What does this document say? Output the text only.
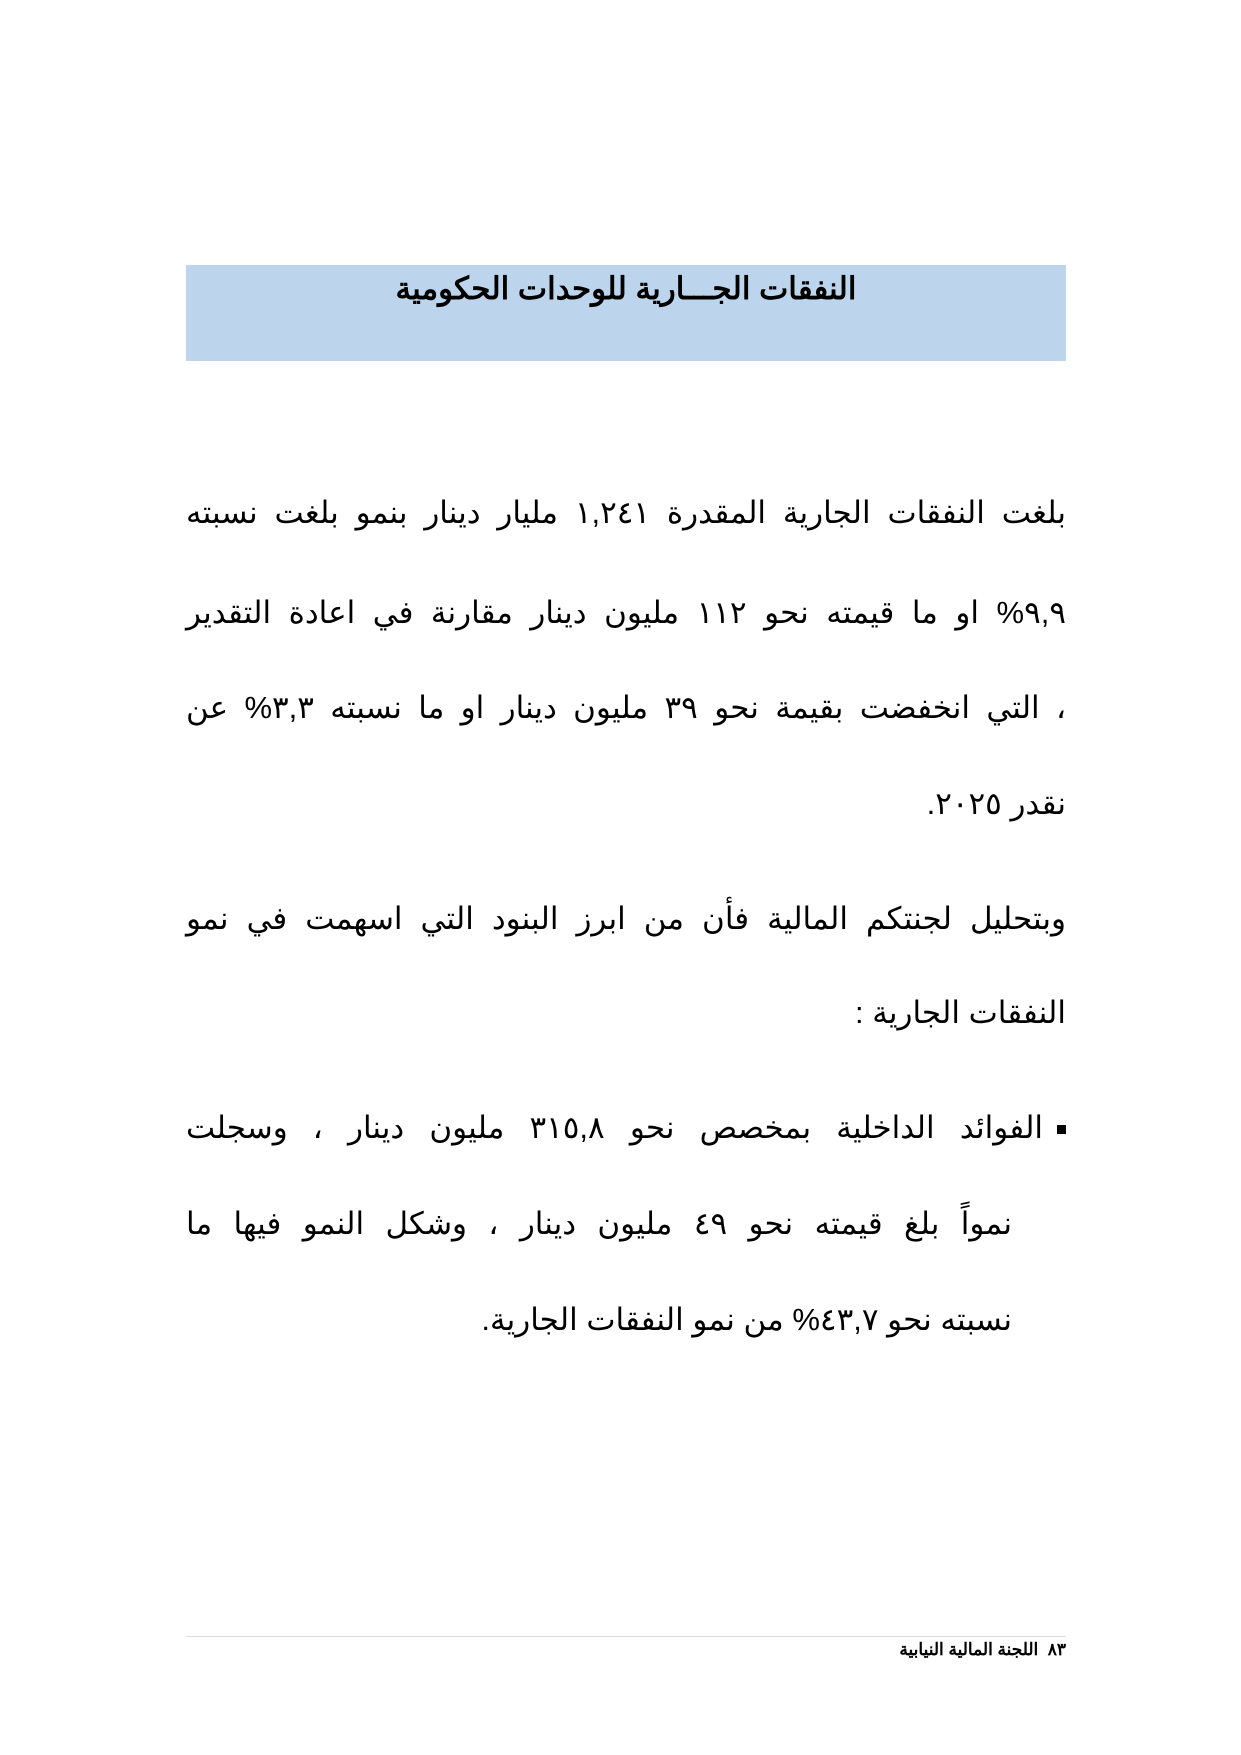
النفقات الجـــارية للوحدات الحكومية
بلغت النفقات الجارية المقدرة ١,٢٤١ مليار دينار بنمو بلغت نسبته
٩,٩% او ما قيمته نحو ١١٢ مليون دينار مقارنة في اعادة التقدير
، التي انخفضت بقيمة نحو ٣٩ مليون دينار او ما نسبته ٣,٣% عن
نقدر ٢٠٢٥.
وبتحليل لجنتكم المالية فأن من ابرز البنود التي اسهمت في نمو
النفقات الجارية :
الفوائد الداخلية بمخصص نحو ٣١٥,٨ مليون دينار ، وسجلت
نمواً بلغ قيمته نحو ٤٩ مليون دينار ، وشكل النمو فيها ما
نسبته نحو ٤٣,٧% من نمو النفقات الجارية.
٨٣  اللجنة المالية النيابية
